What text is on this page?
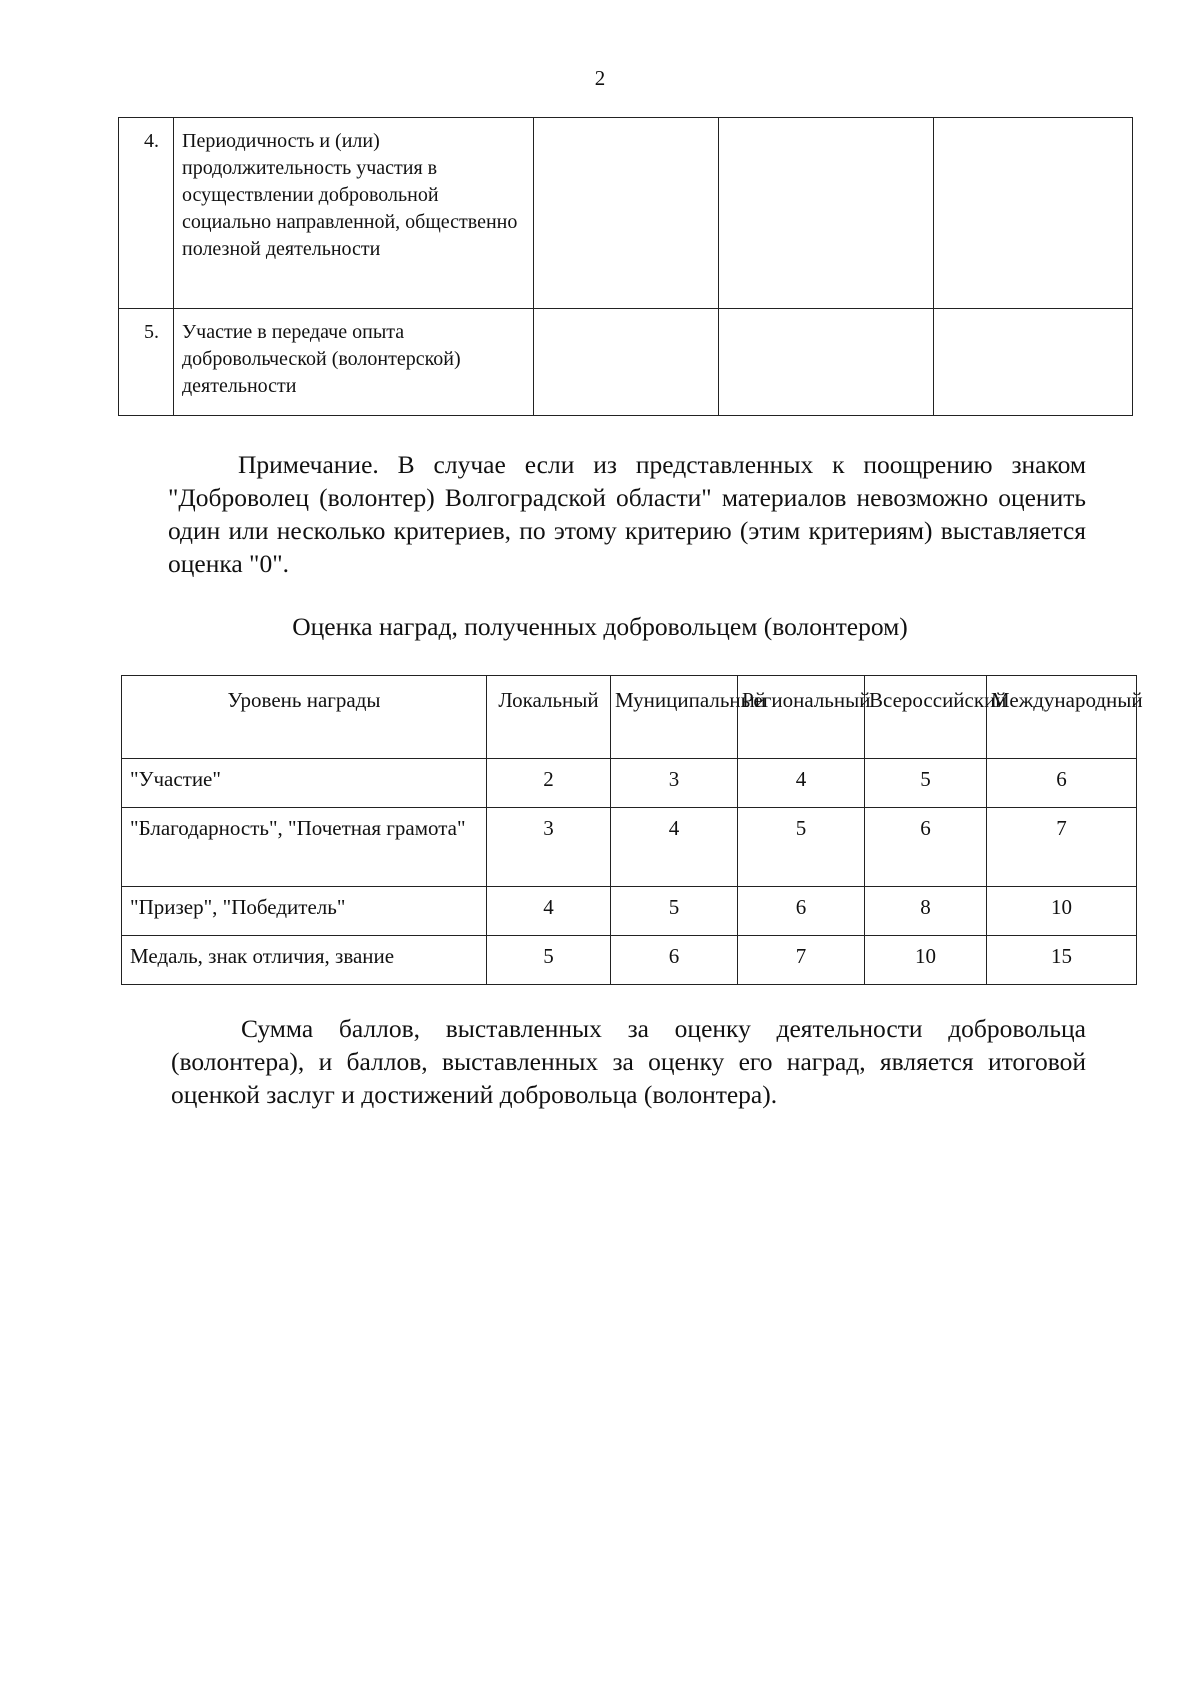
2
4.	Периодичность и (или) продолжительность участия в осуществлении добровольной социально направленной, общественно полезной деятельности			
5.	Участие в передаче опыта добровольческой (волонтерской) деятельности			

Примечание. В случае если из представленных к поощрению знаком "Доброволец (волонтер) Волгоградской области" материалов невозможно оценить один или несколько критериев, по этому критерию (этим критериям) выставляется оценка "0".

Оценка наград, полученных добровольцем (волонтером)
Уровень награды	Локальный	Муниципальный	Региональный	Всероссийский	Международный
"Участие"	2	3	4	5	6
"Благодарность", "Почетная грамота"	3	4	5	6	7
"Призер", "Победитель"	4	5	6	8	10
Медаль, знак отличия, звание	5	6	7	10	15

Сумма баллов, выставленных за оценку деятельности добровольца (волонтера), и баллов, выставленных за оценку его наград, является итоговой оценкой заслуг и достижений добровольца (волонтера).
